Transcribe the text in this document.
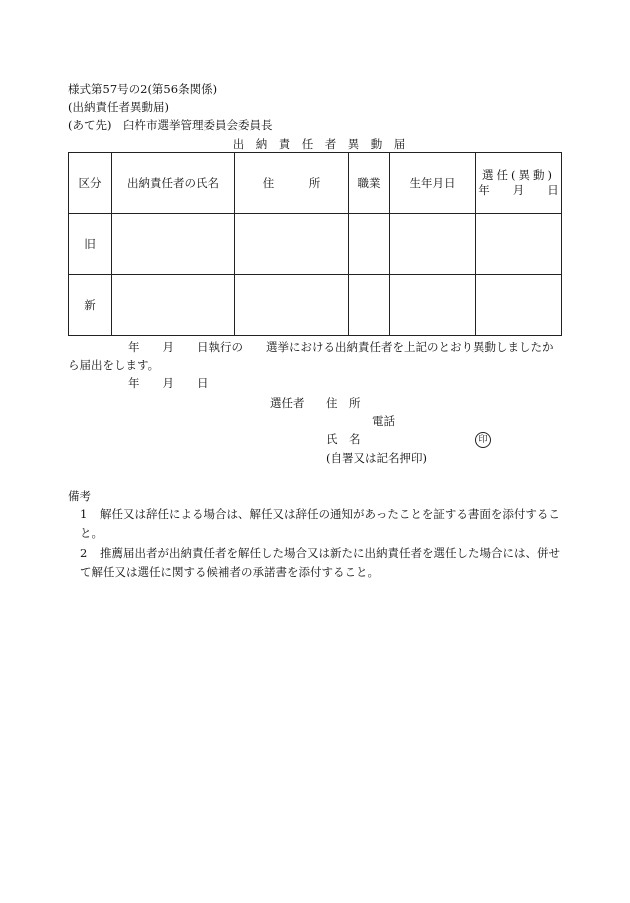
様式第57号の2(第56条関係)
(出納責任者異動届)
(あて先)　臼杵市選挙管理委員会委員長
出　納　責　任　者　異　動　届
区分	出納責任者の氏名	住　　　所	職業	生年月日	選任(異動)
年　　月　　日

旧					
新					
年　　月　　日執行の　　選挙における出納責任者を上記のとおり異動しましたか
ら届出をします。
年　　月　　日
選任者 住　所
電話
氏　名	印
(自署又は記名押印)
備考
1 解任又は辞任による場合は、解任又は辞任の通知があったことを証する書面を添付すること。
2 推薦届出者が出納責任者を解任した場合又は新たに出納責任者を選任した場合には、併せて解任又は選任に関する候補者の承諾書を添付すること。
